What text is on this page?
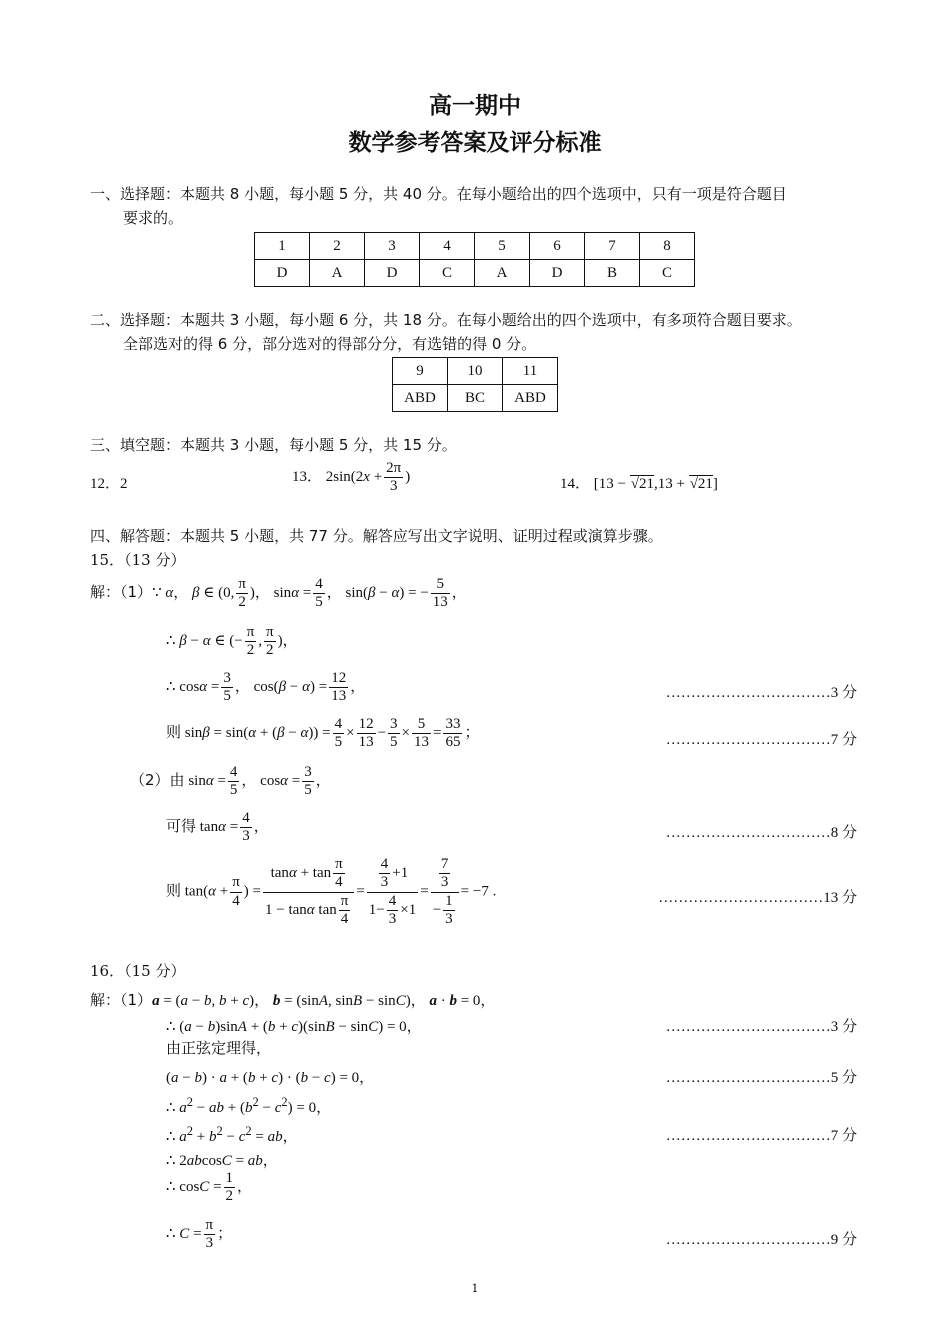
高一期中
数学参考答案及评分标准
一、选择题：本题共 8 小题，每小题 5 分，共 40 分。在每小题给出的四个选项中，只有一项是符合题目
要求的。
1	2	3	4	5	6	7	8
D	A	D	C	A	D	B	C
二、选择题：本题共 3 小题，每小题 6 分，共 18 分。在每小题给出的四个选项中，有多项符合题目要求。
全部选对的得 6 分，部分选对的得部分分，有选错的得 0 分。
9	10	11
ABD	BC	ABD
三、填空题：本题共 3 小题，每小题 5 分，共 15 分。
12．2	13． $2\sin(2x + \frac{2\pi}{3}$ )	14． [13 − √21,13 + √21]
四、解答题：本题共 5 小题，共 77 分。解答应写出文字说明、证明过程或演算步骤。
15．（13 分）
解：（1）∵ α， β ∈ (0, $\frac{\pi}{2}$ )， $\sin\alpha = \frac{4}{5}$ ， sin(β − α) = − $\frac{5}{13}$ ，
∴ β − α ∈ (− $\frac{\pi}{2}$ , $\frac{\pi}{2}$ )，
∴ $\cos\alpha = \frac{3}{5}$ ， $\cos(\beta - \alpha) = \frac{12}{13}$ ，	……………………………3 分
则 $\sin\beta = \sin(\alpha + (\beta - \alpha)) = \frac{4}{5} \times \frac{12}{13} - \frac{3}{5} \times \frac{5}{13} = \frac{33}{65}$ ；	……………………………7 分
（2）由 $\sin\alpha = \frac{4}{5}$ ， $\cos\alpha = \frac{3}{5}$ ，
可得 $\tan\alpha = \frac{4}{3}$ ，	……………………………8 分
则 $\tan(\alpha + \frac{\pi}{4}$ ) = $\frac{\tan\alpha + \tan \frac{\pi}{4}}{1 - \tan\alpha \tan \frac{\pi}{4}} = \frac{\frac{4}{3} +1}{1- \frac{4}{3} \times 1} = \frac{\frac{7}{3}}{- \frac{1}{3}} = -7$ .	……………………………13 分
16．（15 分）
解：（1）a = (a − b, b + c)， b = (sinA, sinB − sinC)， a · b = 0，
∴ (a − b)sinA + (b + c)(sinB − sinC) = 0，	……………………………3 分
由正弦定理得，
(a − b) · a + (b + c) · (b − c) = 0，	……………………………5 分
∴ $a^2$ − ab + $(b^2 - c^2) = 0$，
∴ $a^2 + b^2 - c^2$ = ab，	……………………………7 分
∴ 2abcosC = ab，
∴ $\cos C = \frac{1}{2}$ ，
∴ $C = \frac{\pi}{3}$ ；	……………………………9 分
1
